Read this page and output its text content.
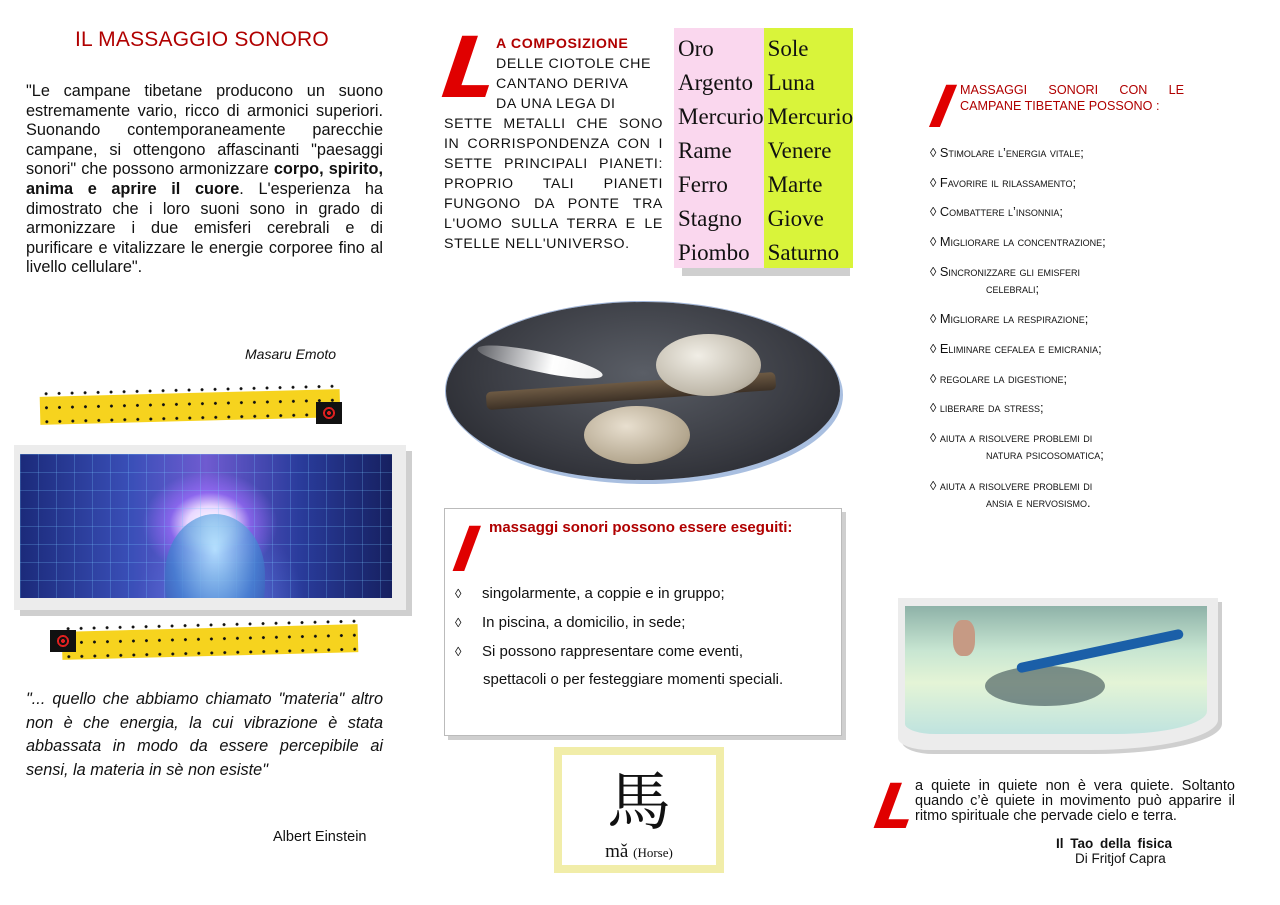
IL MASSAGGIO SONORO
"Le campane tibetane producono un suono estremamente vario, ricco di armonici superiori. Suonando contemporaneamente parecchie campane, si ottengono affascinanti "paesaggi sonori" che possono armonizzare corpo, spirito, anima e aprire il cuore. L'esperienza ha dimostrato che i loro suoni sono in grado di armonizzare i due emisferi cerebrali e di purificare e vitalizzare le energie corporee fino al livello cellulare".
Masaru Emoto
"... quello che abbiamo chiamato "materia" altro non è che energia, la cui vibrazione è stata abbassata in modo da essere percepibile ai sensi, la materia in sè non esiste"
Albert Einstein
L
A COMPOSIZIONE
DELLE CIOTOLE CHE
CANTANO DERIVA
DA UNA LEGA DI
SETTE METALLI CHE SONO IN CORRISPONDENZA CON I SETTE PRINCIPALI PIANETI: PROPRIO TALI PIANETI FUNGONO DA PONTE TRA L'UOMO SULLA TERRA E LE STELLE NELL'UNIVERSO.
Oro
Argento
Mercurio
Rame
Ferro
Stagno
Piombo
Sole
Luna
Mercurio
Venere
Marte
Giove
Saturno
I massaggi sonori possono essere eseguiti:
◊ singolarmente, a coppie e in gruppo;
◊ In piscina, a domicilio, in sede;
◊ Si possono rappresentare come eventi,
spettacoli o per festeggiare momenti speciali.
馬
mǎ (Horse)
I MASSAGGI SONORI CON LE CAMPANE TIBETANE POSSONO :
◊ Stimolare l’energia vitale;
◊ Favorire il rilassamento;
◊ Combattere l’insonnia;
◊ Migliorare la concentrazione;
◊ Sincronizzare gli emisferi
celebrali;
◊ Migliorare la respirazione;
◊ Eliminare cefalea e emicrania;
◊ regolare la digestione;
◊ liberare da stress;
◊ aiuta a risolvere problemi di
natura psicosomatica;
◊ aiuta a risolvere problemi di
ansia e nervosismo.
L
a quiete in quiete non è vera quiete. Soltanto quando c’è quiete in movimento può apparire il ritmo spirituale che pervade cielo e terra.
Il Tao della fisica
Di Fritjof Capra
